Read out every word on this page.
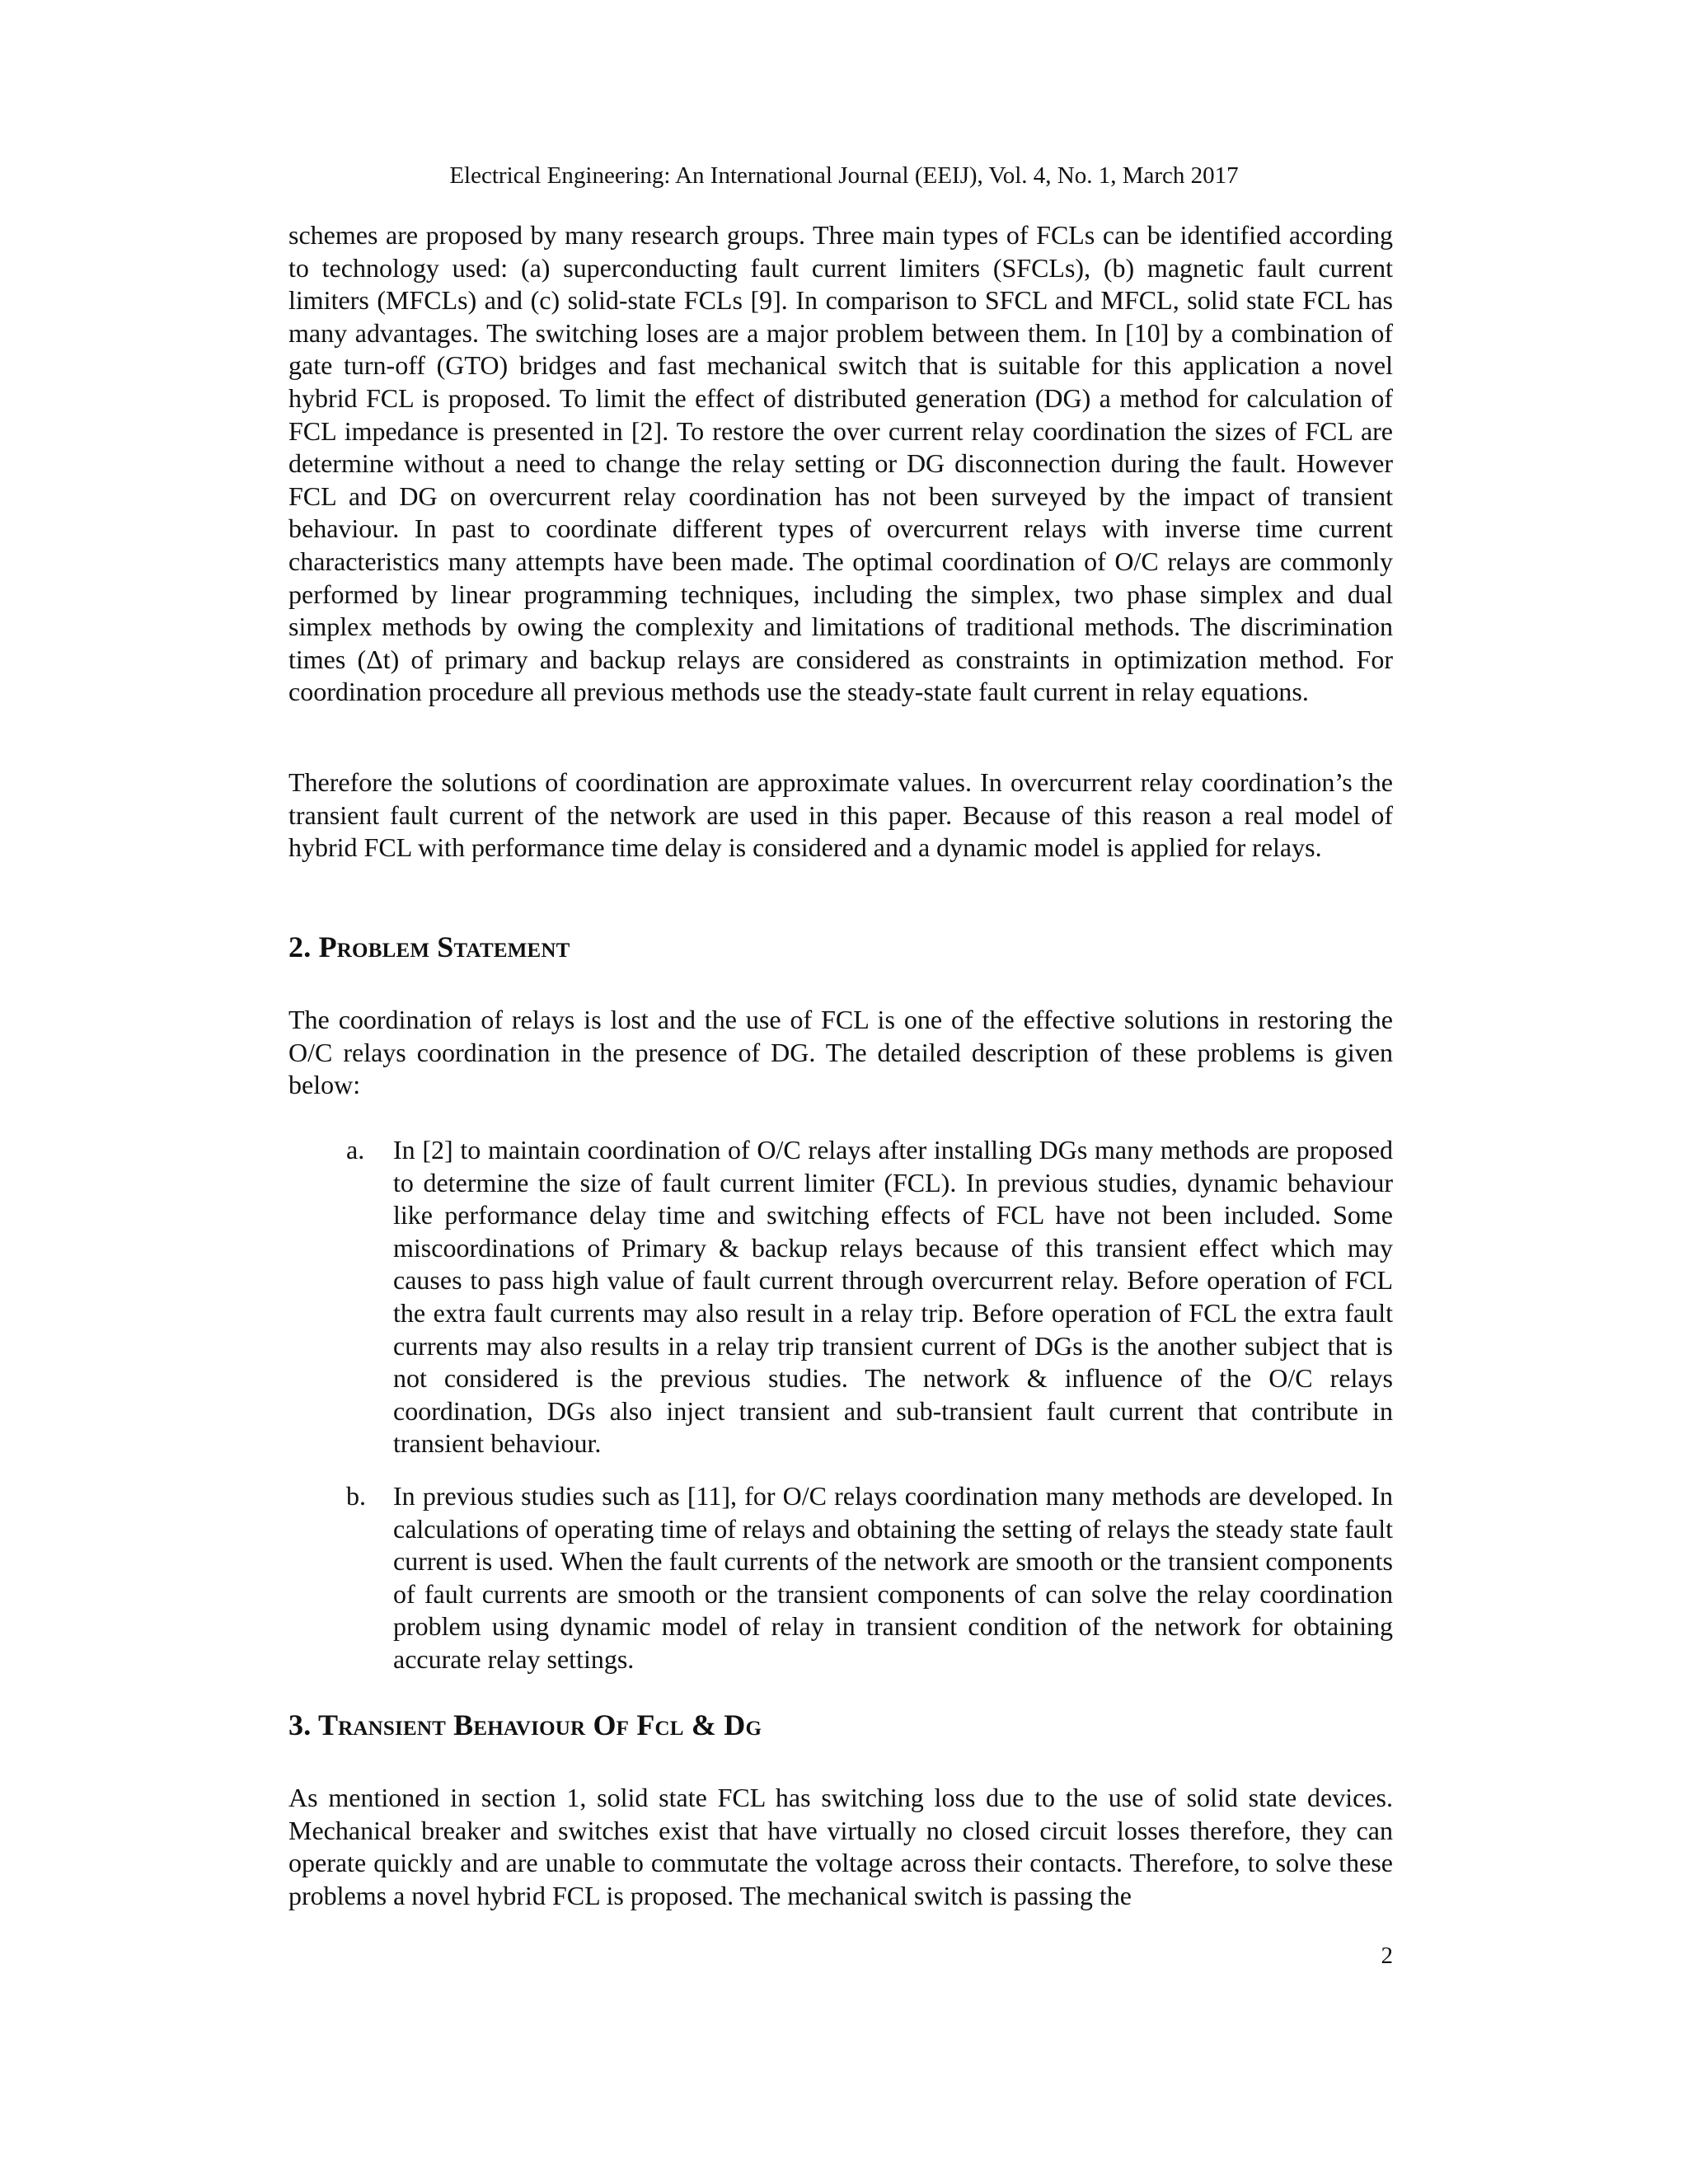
Electrical Engineering: An International Journal (EEIJ), Vol. 4, No. 1, March 2017

schemes are proposed by many research groups. Three main types of FCLs can be identified according to technology used: (a) superconducting fault current limiters (SFCLs), (b) magnetic fault current limiters (MFCLs) and (c) solid-state FCLs [9]. In comparison to SFCL and MFCL, solid state FCL has many advantages. The switching loses are a major problem between them. In [10] by a combination of gate turn-off (GTO) bridges and fast mechanical switch that is suitable for this application a novel hybrid FCL is proposed. To limit the effect of distributed generation (DG) a method for calculation of FCL impedance is presented in [2]. To restore the over current relay coordination the sizes of FCL are determine without a need to change the relay setting or DG disconnection during the fault. However FCL and DG on overcurrent relay coordination has not been surveyed by the impact of transient behaviour. In past to coordinate different types of overcurrent relays with inverse time current characteristics many attempts have been made. The optimal coordination of O/C relays are commonly performed by linear programming techniques, including the simplex, two phase simplex and dual simplex methods by owing the complexity and limitations of traditional methods. The discrimination times (Δt) of primary and backup relays are considered as constraints in optimization method. For coordination procedure all previous methods use the steady-state fault current in relay equations.

Therefore the solutions of coordination are approximate values. In overcurrent relay coordination’s the transient fault current of the network are used in this paper. Because of this reason a real model of hybrid FCL with performance time delay is considered and a dynamic model is applied for relays.

2. Problem Statement

The coordination of relays is lost and the use of FCL is one of the effective solutions in restoring the O/C relays coordination in the presence of DG. The detailed description of these problems is given below:

a. In [2] to maintain coordination of O/C relays after installing DGs many methods are proposed to determine the size of fault current limiter (FCL). In previous studies, dynamic behaviour like performance delay time and switching effects of FCL have not been included. Some miscoordinations of Primary & backup relays because of this transient effect which may causes to pass high value of fault current through overcurrent relay. Before operation of FCL the extra fault currents may also result in a relay trip. Before operation of FCL the extra fault currents may also results in a relay trip transient current of DGs is the another subject that is not considered is the previous studies. The network & influence of the O/C relays coordination, DGs also inject transient and sub-transient fault current that contribute in transient behaviour.

b. In previous studies such as [11], for O/C relays coordination many methods are developed. In calculations of operating time of relays and obtaining the setting of relays the steady state fault current is used. When the fault currents of the network are smooth or the transient components of fault currents are smooth or the transient components of can solve the relay coordination problem using dynamic model of relay in transient condition of the network for obtaining accurate relay settings.

3. Transient Behaviour Of Fcl & Dg

As mentioned in section 1, solid state FCL has switching loss due to the use of solid state devices. Mechanical breaker and switches exist that have virtually no closed circuit losses therefore, they can operate quickly and are unable to commutate the voltage across their contacts. Therefore, to solve these problems a novel hybrid FCL is proposed. The mechanical switch is passing the

2
